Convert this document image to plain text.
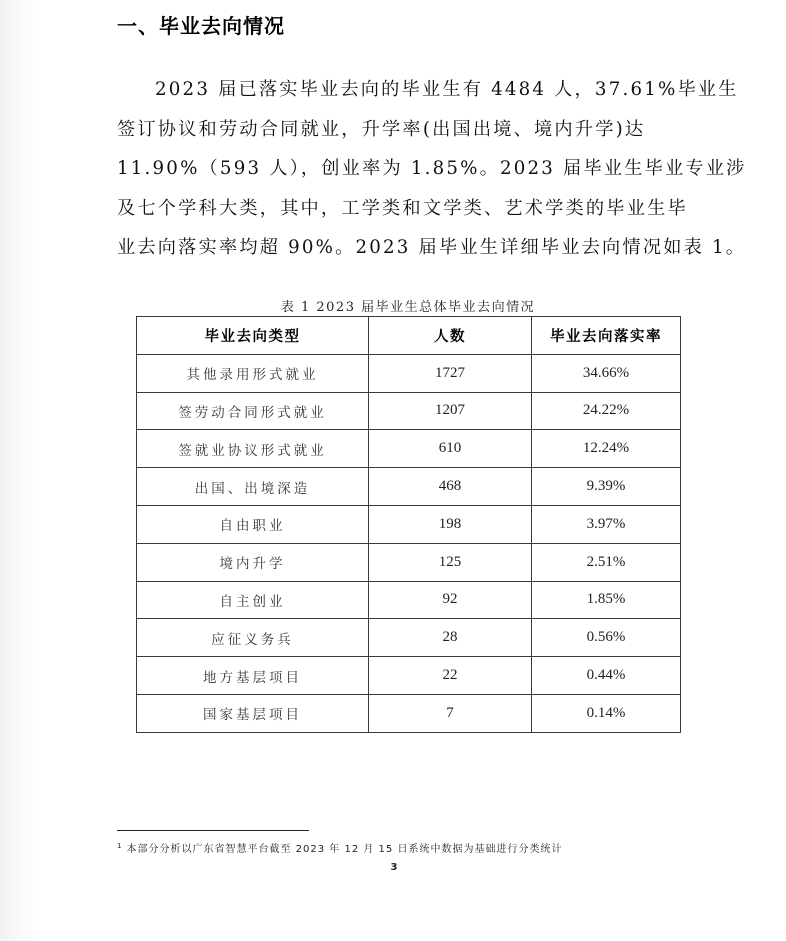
一、毕业去向情况
2023 届已落实毕业去向的毕业生有 4484 人，37.61%毕业生
签订协议和劳动合同就业，升学率(出国出境、境内升学)达
11.90%（593 人），创业率为 1.85%。2023 届毕业生毕业专业涉
及七个学科大类，其中，工学类和文学类、艺术学类的毕业生毕
业去向落实率均超 90%。2023 届毕业生详细毕业去向情况如表 1。
表 1 2023 届毕业生总体毕业去向情况
毕业去向类型	人数	毕业去向落实率
其他录用形式就业	1727	34.66%
签劳动合同形式就业	1207	24.22%
签就业协议形式就业	610	12.24%
出国、出境深造	468	9.39%
自由职业	198	3.97%
境内升学	125	2.51%
自主创业	92	1.85%
应征义务兵	28	0.56%
地方基层项目	22	0.44%
国家基层项目	7	0.14%
$^1$ 本部分分析以广东省智慧平台截至 2023 年 12 月 15 日系统中数据为基础进行分类统计
3
